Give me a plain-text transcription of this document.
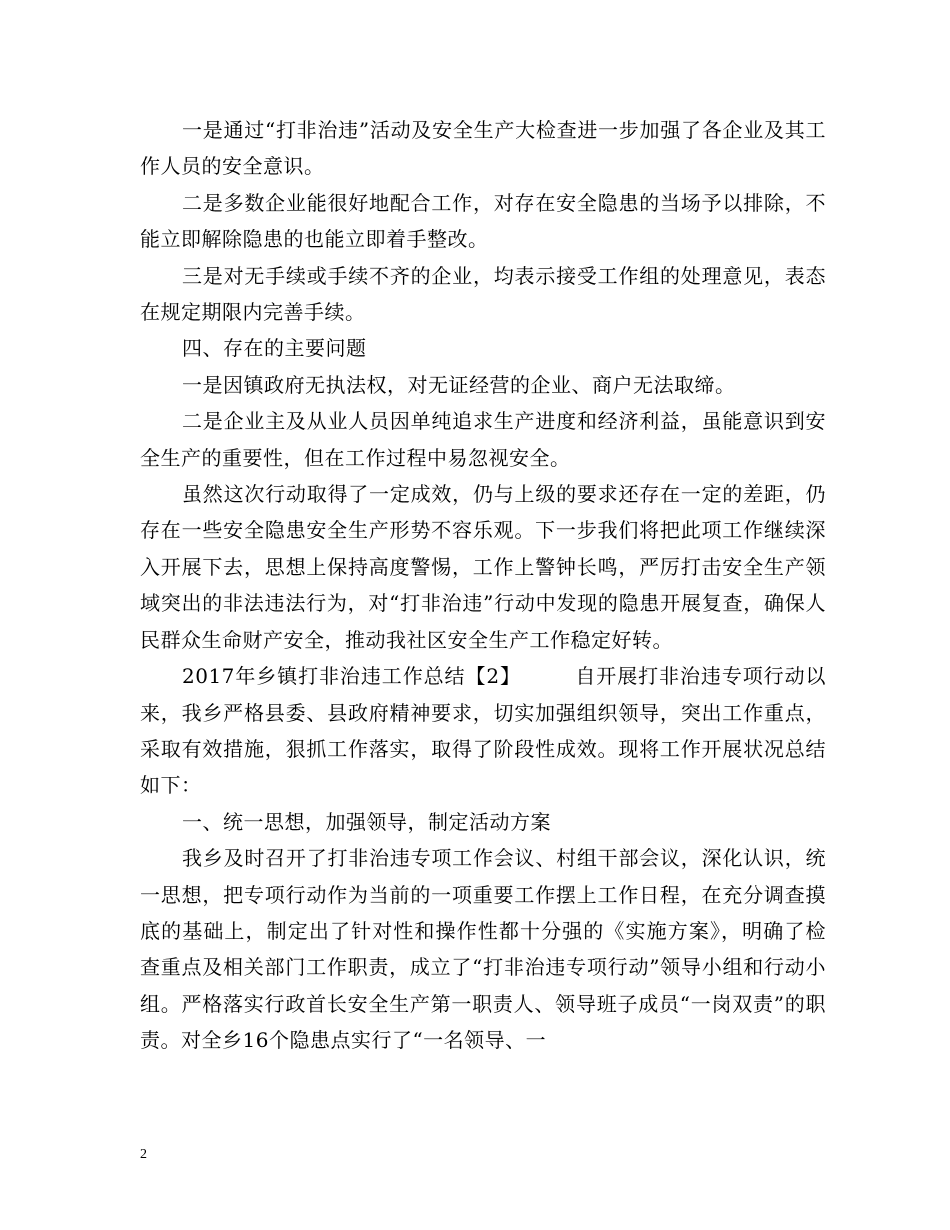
一是通过“打非治违”活动及安全生产大检查进一步加强了各企业及其工作人员的安全意识。

二是多数企业能很好地配合工作，对存在安全隐患的当场予以排除，不能立即解除隐患的也能立即着手整改。

三是对无手续或手续不齐的企业，均表示接受工作组的处理意见，表态在规定期限内完善手续。

四、存在的主要问题

一是因镇政府无执法权，对无证经营的企业、商户无法取缔。

二是企业主及从业人员因单纯追求生产进度和经济利益，虽能意识到安全生产的重要性，但在工作过程中易忽视安全。

虽然这次行动取得了一定成效，仍与上级的要求还存在一定的差距，仍存在一些安全隐患安全生产形势不容乐观。下一步我们将把此项工作继续深入开展下去，思想上保持高度警惕，工作上警钟长鸣，严厉打击安全生产领域突出的非法违法行为，对“打非治违”行动中发现的隐患开展复查，确保人民群众生命财产安全，推动我社区安全生产工作稳定好转。

2017年乡镇打非治违工作总结【2】	自开展打非治违专项行动以来，我乡严格县委、县政府精神要求，切实加强组织领导，突出工作重点，采取有效措施，狠抓工作落实，取得了阶段性成效。现将工作开展状况总结如下：

一、统一思想，加强领导，制定活动方案

我乡及时召开了打非治违专项工作会议、村组干部会议，深化认识，统一思想，把专项行动作为当前的一项重要工作摆上工作日程，在充分调查摸底的基础上，制定出了针对性和操作性都十分强的《实施方案》，明确了检查重点及相关部门工作职责，成立了“打非治违专项行动”领导小组和行动小组。严格落实行政首长安全生产第一职责人、领导班子成员“一岗双责”的职责。对全乡16个隐患点实行了“一名领导、一

2
